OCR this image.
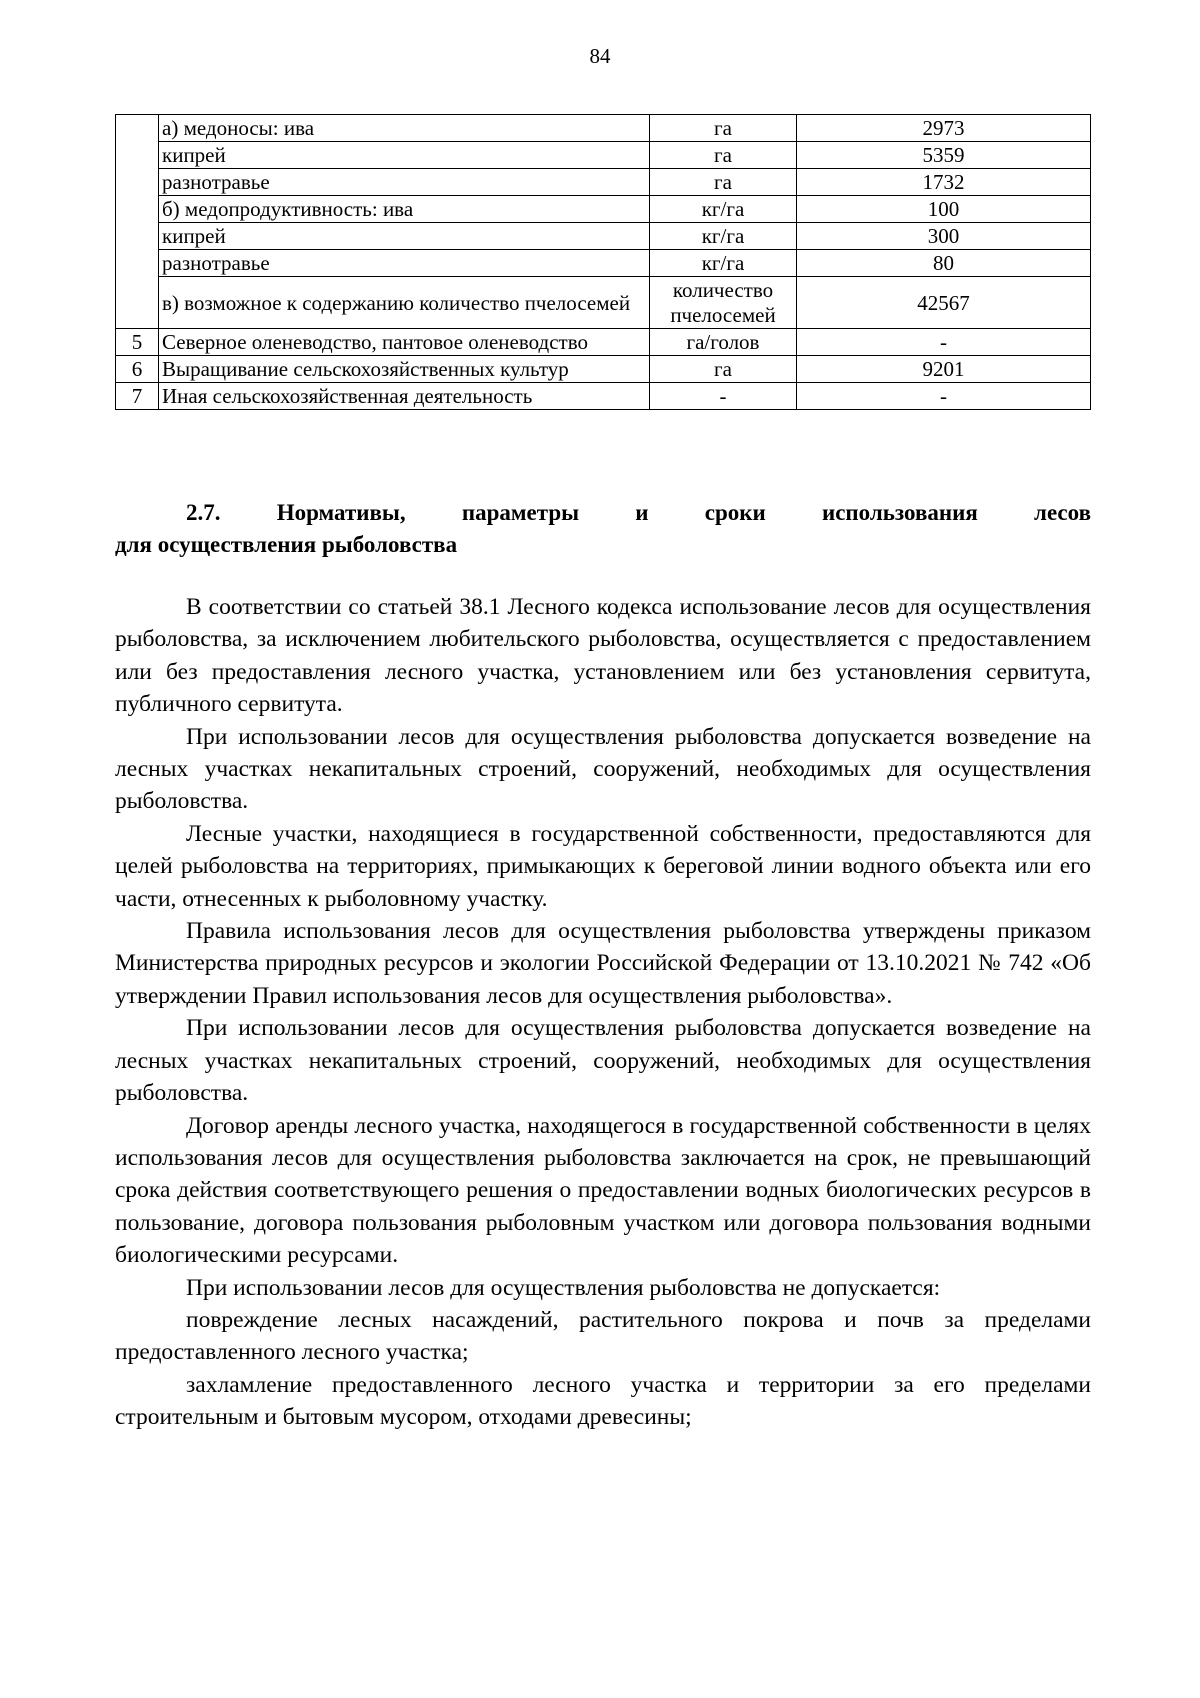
84
	а) медоносы: ива	га	2973
	кипрей	га	5359
	разнотравье	га	1732
	б) медопродуктивность: ива	кг/га	100
	кипрей	кг/га	300
	разнотравье	кг/га	80
	в) возможное к содержанию количество пчелосемей	количество пчелосемей	42567
5	Северное оленеводство, пантовое оленеводство	га/голов	-
6	Выращивание сельскохозяйственных культур	га	9201
7	Иная сельскохозяйственная деятельность	-	-
2.7. Нормативы, параметры и сроки использования лесов
для осуществления рыболовства

В соответствии со статьей 38.1 Лесного кодекса использование лесов для осуществления рыболовства, за исключением любительского рыболовства, осуществляется с предоставлением или без предоставления лесного участка, установлением или без установления сервитута, публичного сервитута.

При использовании лесов для осуществления рыболовства допускается возведение на лесных участках некапитальных строений, сооружений, необходимых для осуществления рыболовства.

Лесные участки, находящиеся в государственной собственности, предоставляются для целей рыболовства на территориях, примыкающих к береговой линии водного объекта или его части, отнесенных к рыболовному участку.

Правила использования лесов для осуществления рыболовства утверждены приказом Министерства природных ресурсов и экологии Российской Федерации от 13.10.2021 № 742 «Об утверждении Правил использования лесов для осуществления рыболовства».

При использовании лесов для осуществления рыболовства допускается возведение на лесных участках некапитальных строений, сооружений, необходимых для осуществления рыболовства.

Договор аренды лесного участка, находящегося в государственной собственности в целях использования лесов для осуществления рыболовства заключается на срок, не превышающий срока действия соответствующего решения о предоставлении водных биологических ресурсов в пользование, договора пользования рыболовным участком или договора пользования водными биологическими ресурсами.

При использовании лесов для осуществления рыболовства не допускается:

повреждение лесных насаждений, растительного покрова и почв за пределами предоставленного лесного участка;

захламление предоставленного лесного участка и территории за его пределами строительным и бытовым мусором, отходами древесины;
